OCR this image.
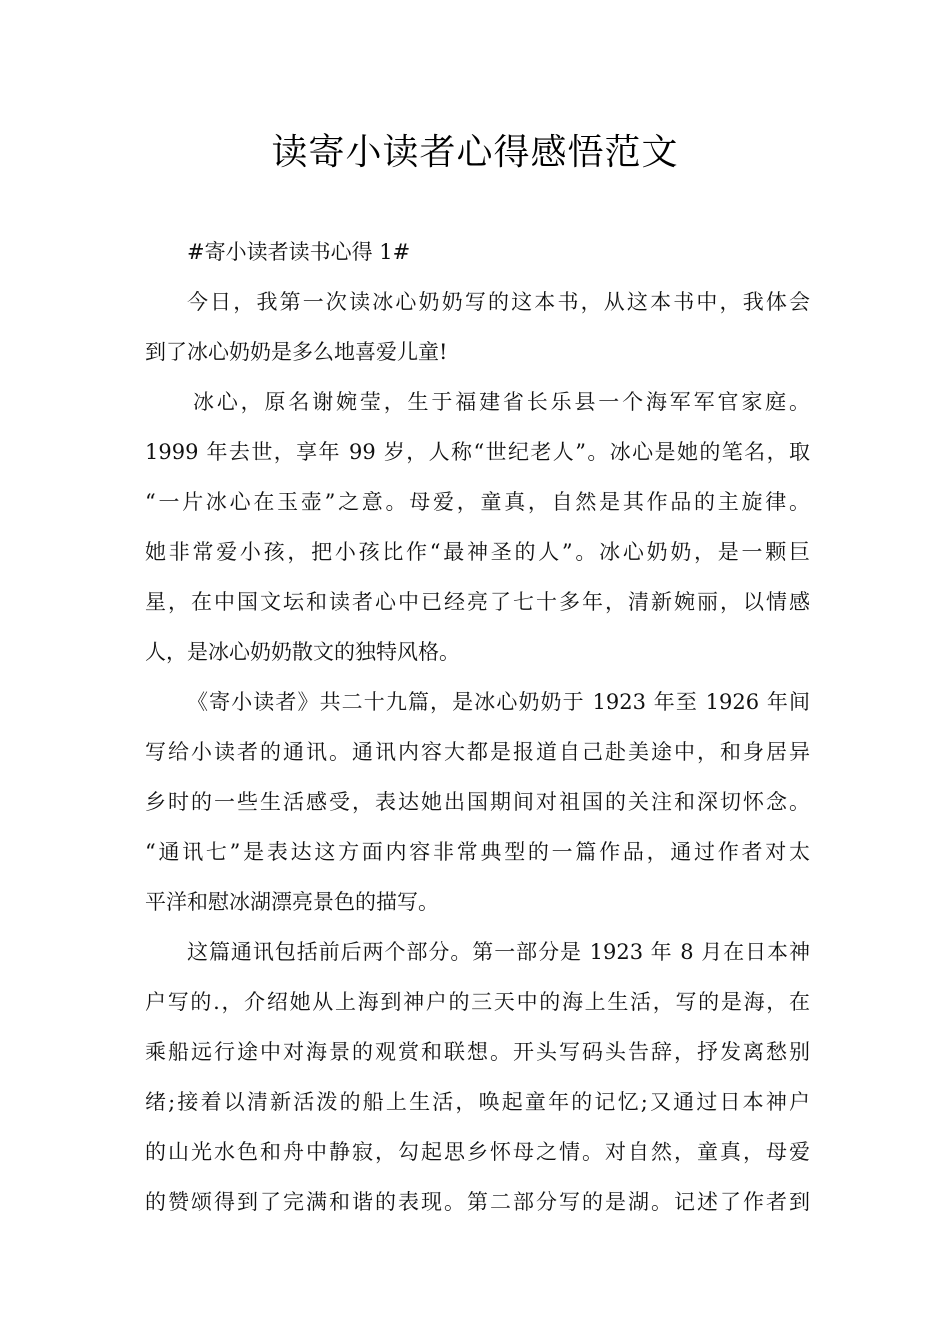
读寄小读者心得感悟范文
#寄小读者读书心得 1#
今日，我第一次读冰心奶奶写的这本书，从这本书中，我体会
到了冰心奶奶是多么地喜爱儿童!
冰心，原名谢婉莹，生于福建省长乐县一个海军军官家庭。
1999 年去世，享年 99 岁，人称“世纪老人”。冰心是她的笔名，取
“一片冰心在玉壶”之意。母爱，童真，自然是其作品的主旋律。
她非常爱小孩，把小孩比作“最神圣的人”。冰心奶奶，是一颗巨
星，在中国文坛和读者心中已经亮了七十多年，清新婉丽，以情感
人，是冰心奶奶散文的独特风格。
《寄小读者》共二十九篇，是冰心奶奶于 1923 年至 1926 年间
写给小读者的通讯。通讯内容大都是报道自己赴美途中，和身居异
乡时的一些生活感受，表达她出国期间对祖国的关注和深切怀念。
“通讯七”是表达这方面内容非常典型的一篇作品，通过作者对太
平洋和慰冰湖漂亮景色的描写。
这篇通讯包括前后两个部分。第一部分是 1923 年 8 月在日本神
户写的.，介绍她从上海到神户的三天中的海上生活，写的是海，在
乘船远行途中对海景的观赏和联想。开头写码头告辞，抒发离愁别
绪;接着以清新活泼的船上生活，唤起童年的记忆;又通过日本神户
的山光水色和舟中静寂，勾起思乡怀母之情。对自然，童真，母爱
的赞颂得到了完满和谐的表现。第二部分写的是湖。记述了作者到
